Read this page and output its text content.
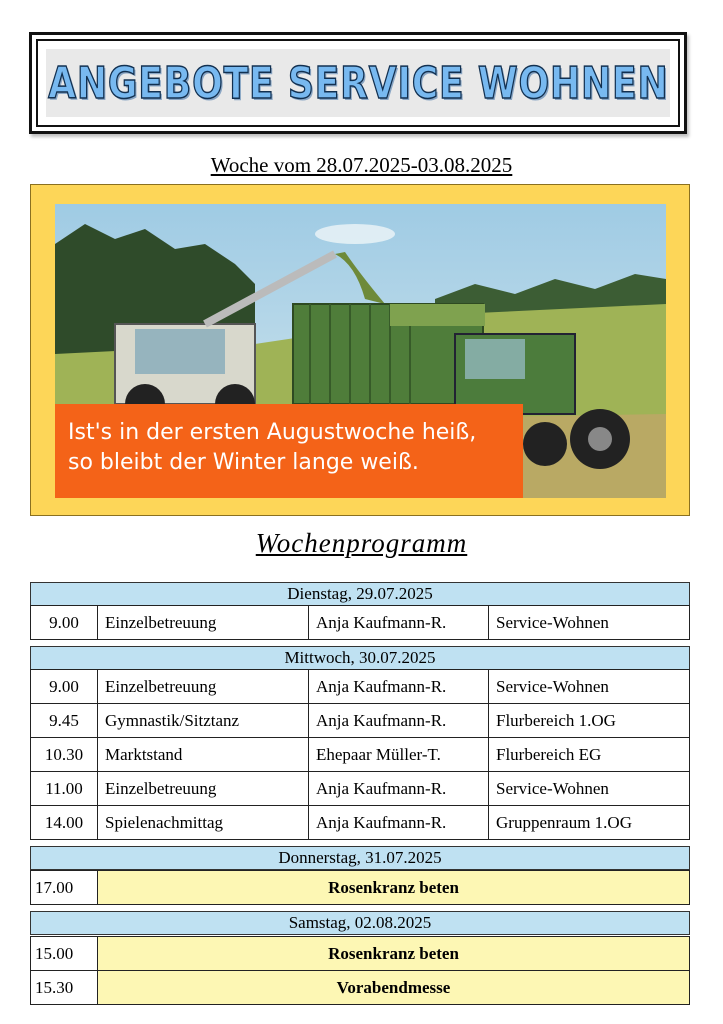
ANGEBOTE SERVICE WOHNEN
Woche vom 28.07.2025-03.08.2025
Ist's in der ersten Augustwoche heiß,
so bleibt der Winter lange weiß.
Wochenprogramm
Dienstag, 29.07.2025
9.00	Einzelbetreuung	Anja Kaufmann-R.	Service-Wohnen
Mittwoch, 30.07.2025
9.00	Einzelbetreuung	Anja Kaufmann-R.	Service-Wohnen
9.45	Gymnastik/Sitztanz	Anja Kaufmann-R.	Flurbereich 1.OG
10.30	Marktstand	Ehepaar Müller-T.	Flurbereich EG
11.00	Einzelbetreuung	Anja Kaufmann-R.	Service-Wohnen
14.00	Spielenachmittag	Anja Kaufmann-R.	Gruppenraum 1.OG
Donnerstag, 31.07.2025
17.00	Rosenkranz beten
Samstag, 02.08.2025
15.00	Rosenkranz beten
15.30	Vorabendmesse
